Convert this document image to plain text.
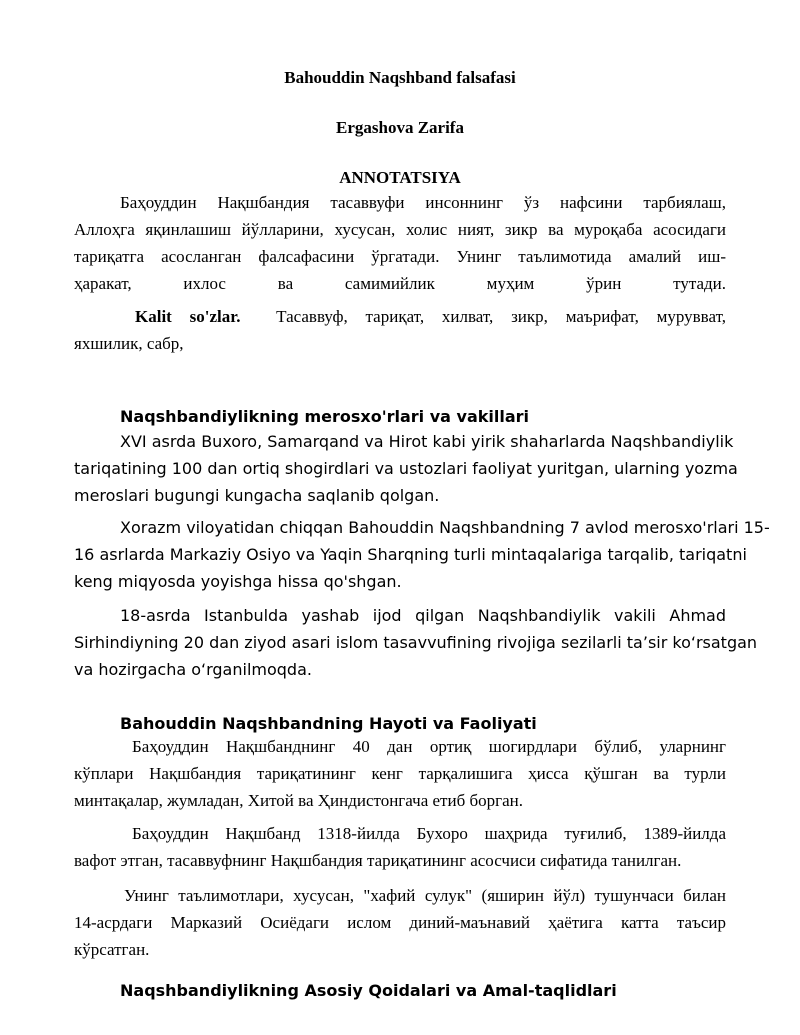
Bahouddin Naqshband falsafasi
Ergashova Zarifa
ANNOTATSIYA
Баҳоуддин Нақшбандия тасаввуфи инсоннинг ўз нафсини тарбиялаш,
Аллоҳга яқинлашиш йўлларини, хусусан, холис ният, зикр ва муроқаба асосидаги
тариқатга асосланган фалсафасини ўргатади. Унинг таълимотида амалий иш-
ҳаракат, ихлос ва самимийлик муҳим ўрин тутади.
Kalit so'zlar. Тасаввуф, тариқат, хилват, зикр, маърифат, мурувват,
яхшилик, сабр,
Naqshbandiylikning merosxo'rlari va vakillari
XVI asrda Buxoro, Samarqand va Hirot kabi yirik shaharlarda Naqshbandiylik
tariqatining 100 dan ortiq shogirdlari va ustozlari faoliyat yuritgan, ularning yozma
meroslari bugungi kungacha saqlanib qolgan.
Xorazm viloyatidan chiqqan Bahouddin Naqshbandning 7 avlod merosxo'rlari 15-
16 asrlarda Markaziy Osiyo va Yaqin Sharqning turli mintaqalariga tarqalib, tariqatni
keng miqyosda yoyishga hissa qo'shgan.
18-asrda Istanbulda yashab ijod qilgan Naqshbandiylik vakili Ahmad
Sirhindiyning 20 dan ziyod asari islom tasavvufining rivojiga sezilarli ta’sir ko‘rsatgan
va hozirgacha o‘rganilmoqda.
Bahouddin Naqshbandning Hayoti va Faoliyati
Баҳоуддин Нақшбанднинг 40 дан ортиқ шогирдлари бўлиб, уларнинг
кўплари Нақшбандия тариқатининг кенг тарқалишига ҳисса қўшган ва турли
минтақалар, жумладан, Хитой ва Ҳиндистонгача етиб борган.
Баҳоуддин Нақшбанд 1318-йилда Бухоро шаҳрида туғилиб, 1389-йилда
вафот этган, тасаввуфнинг Нақшбандия тариқатининг асосчиси сифатида танилган.
Унинг таълимотлари, хусусан, "хафий сулук" (яширин йўл) тушунчаси билан
14-асрдаги Марказий Осиёдаги ислом диний-маънавий ҳаётига катта таъсир
кўрсатган.
Naqshbandiylikning Asosiy Qoidalari va Amal-taqlidlari
